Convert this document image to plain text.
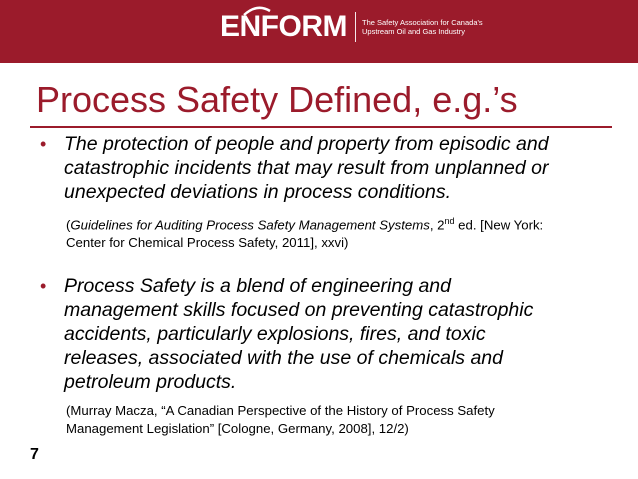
ENFORM The Safety Association for Canada's
Upstream Oil and Gas Industry
Process Safety Defined, e.g.’s
• The protection of people and property from episodic and
catastrophic incidents that may result from unplanned or
unexpected deviations in process conditions.
(Guidelines for Auditing Process Safety Management Systems, 2nd ed. [New York:
Center for Chemical Process Safety, 2011], xxvi)
• Process Safety is a blend of engineering and
management skills focused on preventing catastrophic
accidents, particularly explosions, fires, and toxic
releases, associated with the use of chemicals and
petroleum products.
(Murray Macza, “A Canadian Perspective of the History of Process Safety
Management Legislation” [Cologne, Germany, 2008], 12/2)
7
